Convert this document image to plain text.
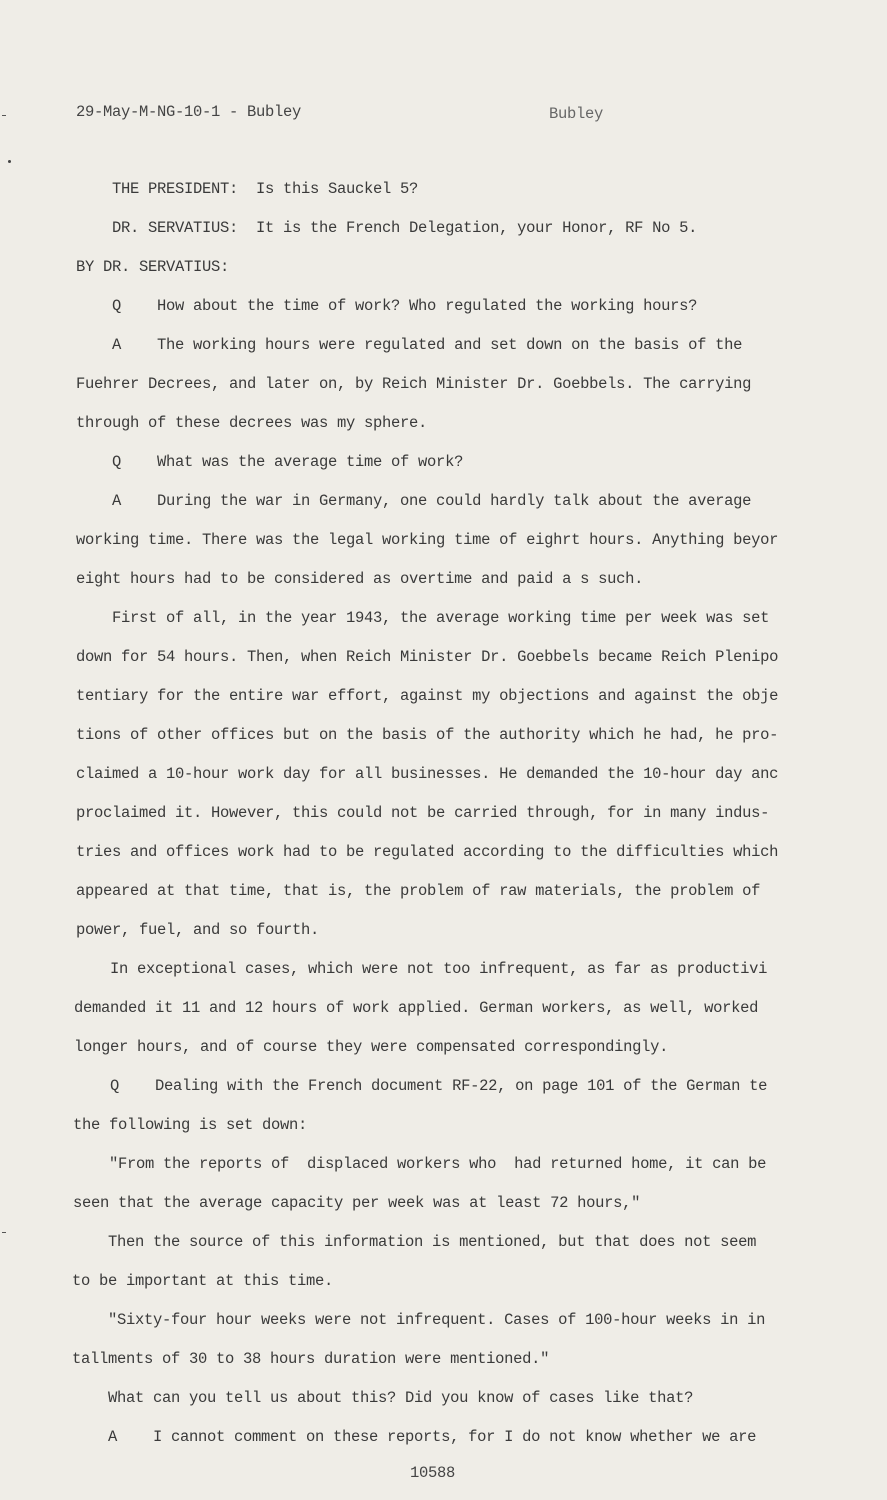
29-May-M-NG-10-1 - Bubley	Bubley
THE PRESIDENT:  Is this Sauckel 5?
DR. SERVATIUS:  It is the French Delegation, your Honor, RF No 5.
BY DR. SERVATIUS:
Q    How about the time of work? Who regulated the working hours?
A    The working hours were regulated and set down on the basis of the
Fuehrer Decrees, and later on, by Reich Minister Dr. Goebbels. The carrying
through of these decrees was my sphere.
Q    What was the average time of work?
A    During the war in Germany, one could hardly talk about the average
working time. There was the legal working time of eighrt hours. Anything beyor
eight hours had to be considered as overtime and paid a s such.
First of all, in the year 1943, the average working time per week was set
down for 54 hours. Then, when Reich Minister Dr. Goebbels became Reich Plenipo
tentiary for the entire war effort, against my objections and against the obje
tions of other offices but on the basis of the authority which he had, he pro-
claimed a 10-hour work day for all businesses. He demanded the 10-hour day anc
proclaimed it. However, this could not be carried through, for in many indus-
tries and offices work had to be regulated according to the difficulties which
appeared at that time, that is, the problem of raw materials, the problem of
power, fuel, and so fourth.
In exceptional cases, which were not too infrequent, as far as productivi
demanded it 11 and 12 hours of work applied. German workers, as well, worked
longer hours, and of course they were compensated correspondingly.
Q    Dealing with the French document RF-22, on page 101 of the German te
the following is set down:
"From the reports of  displaced workers who  had returned home, it can be
seen that the average capacity per week was at least 72 hours,"
Then the source of this information is mentioned, but that does not seem
to be important at this time.
"Sixty-four hour weeks were not infrequent. Cases of 100-hour weeks in in
tallments of 30 to 38 hours duration were mentioned."
What can you tell us about this? Did you know of cases like that?
A    I cannot comment on these reports, for I do not know whether we are
10588
